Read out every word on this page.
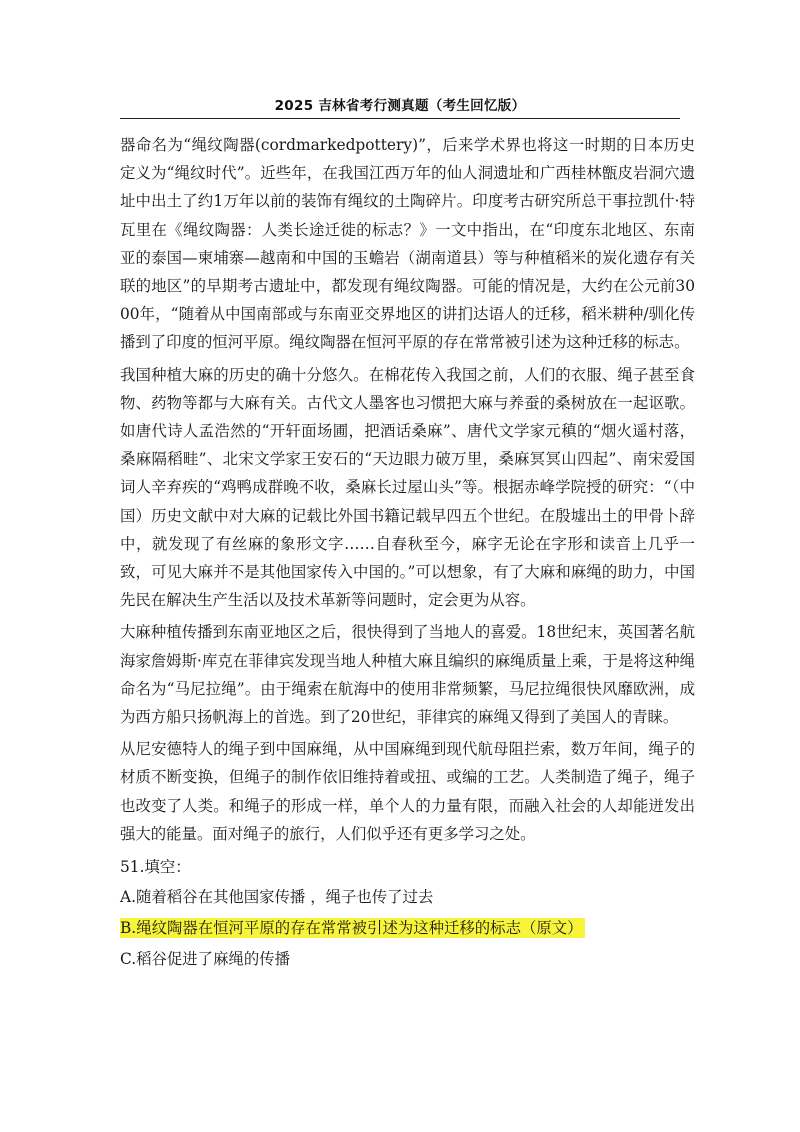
2025 吉林省考行测真题（考生回忆版）

器命名为“绳纹陶器(cordmarkedpottery)”，后来学术界也将这一时期的日本历史定义为“绳纹时代”。近些年，在我国江西万年的仙人洞遗址和广西桂林甑皮岩洞穴遗址中出土了约1万年以前的装饰有绳纹的土陶碎片。印度考古研究所总干事拉凯什·特瓦里在《绳纹陶器：人类长途迁徙的标志？》一文中指出，在“印度东北地区、东南亚的泰国—柬埔寨—越南和中国的玉蟾岩（湖南道县）等与种植稻米的炭化遗存有关联的地区”的早期考古遗址中，都发现有绳纹陶器。可能的情况是，大约在公元前3000年，“随着从中国南部或与东南亚交界地区的讲扪达语人的迁移，稻米耕种/驯化传播到了印度的恒河平原。绳纹陶器在恒河平原的存在常常被引述为这种迁移的标志。

我国种植大麻的历史的确十分悠久。在棉花传入我国之前，人们的衣服、绳子甚至食物、药物等都与大麻有关。古代文人墨客也习惯把大麻与养蚕的桑树放在一起讴歌。如唐代诗人孟浩然的“开轩面场圃，把酒话桑麻”、唐代文学家元稹的“烟火遥村落，桑麻隔稻畦”、北宋文学家王安石的“天边眼力破万里，桑麻冥冥山四起”、南宋爱国词人辛弃疾的“鸡鸭成群晚不收，桑麻长过屋山头”等。根据赤峰学院授的研究：“（中国）历史文献中对大麻的记载比外国书籍记载早四五个世纪。在殷墟出土的甲骨卜辞中，就发现了有丝麻的象形文字……自春秋至今，麻字无论在字形和读音上几乎一致，可见大麻并不是其他国家传入中国的。”可以想象，有了大麻和麻绳的助力，中国先民在解决生产生活以及技术革新等问题时，定会更为从容。

大麻种植传播到东南亚地区之后，很快得到了当地人的喜爱。18世纪末，英国著名航海家詹姆斯·库克在菲律宾发现当地人种植大麻且编织的麻绳质量上乘，于是将这种绳命名为“马尼拉绳”。由于绳索在航海中的使用非常频繁，马尼拉绳很快风靡欧洲，成为西方船只扬帆海上的首选。到了20世纪，菲律宾的麻绳又得到了美国人的青睐。

从尼安德特人的绳子到中国麻绳，从中国麻绳到现代航母阻拦索，数万年间，绳子的材质不断变换，但绳子的制作依旧维持着或扭、或编的工艺。人类制造了绳子，绳子也改变了人类。和绳子的形成一样，单个人的力量有限，而融入社会的人却能迸发出强大的能量。面对绳子的旅行，人们似乎还有更多学习之处。

51.填空：

A.随着稻谷在其他国家传播 ，绳子也传了过去

B.绳纹陶器在恒河平原的存在常常被引述为这种迁移的标志（原文）

C.稻谷促进了麻绳的传播
